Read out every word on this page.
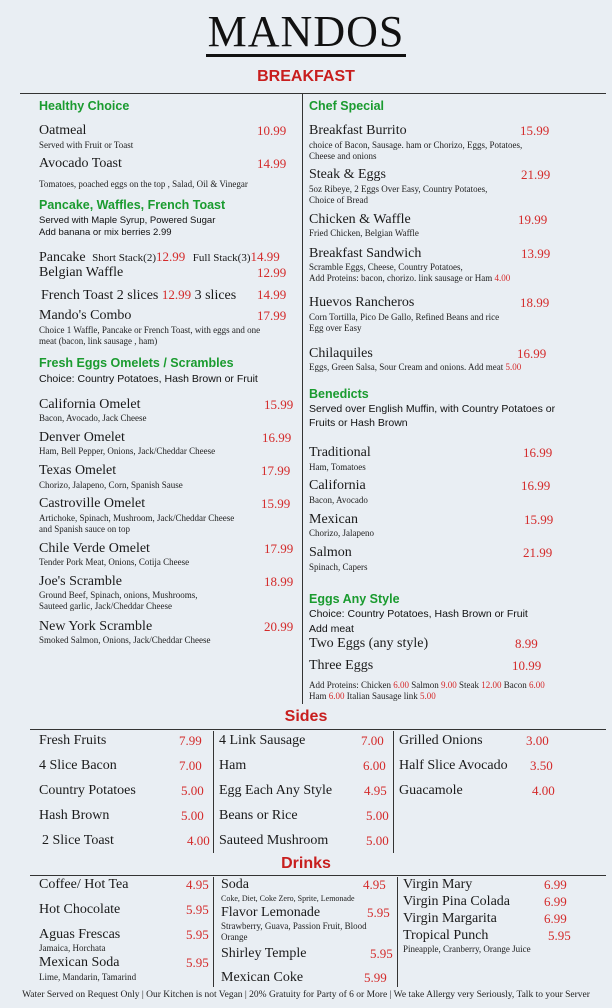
MANDOS
BREAKFAST
Healthy Choice
Oatmeal	10.99
Served with Fruit or Toast
Avocado Toast	14.99
Tomatoes, poached eggs on the top , Salad, Oil & Vinegar
Pancake, Waffles, French Toast
Served with Maple Syrup, Powered Sugar
Add banana or mix berries 2.99
Pancake Short Stack(2)12.99 Full Stack(3)14.99
Belgian Waffle	12.99
French Toast 2 slices 12.99 3 slices 14.99
Mando's Combo	17.99
Choice 1 Waffle, Pancake or French Toast, with eggs and one
meat (bacon, link sausage , ham)
Fresh Eggs Omelets / Scrambles
Choice: Country Potatoes, Hash Brown or Fruit
California Omelet	15.99
Bacon, Avocado, Jack Cheese
Denver Omelet	16.99
Ham, Bell Pepper, Onions, Jack/Cheddar Cheese
Texas Omelet	17.99
Chorizo, Jalapeno, Corn, Spanish Sause
Castroville Omelet	15.99
Artichoke, Spinach, Mushroom, Jack/Cheddar Cheese
and Spanish sauce on top
Chile Verde Omelet	17.99
Tender Pork Meat, Onions, Cotija Cheese
Joe's Scramble	18.99
Ground Beef, Spinach, onions, Mushrooms,
Sauteed garlic, Jack/Cheddar Cheese
New York Scramble	20.99
Smoked Salmon, Onions, Jack/Cheddar Cheese
Chef Special
Breakfast Burrito	15.99
choice of Bacon, Sausage. ham or Chorizo, Eggs, Potatoes,
Cheese and onions
Steak & Eggs	21.99
5oz Ribeye, 2 Eggs Over Easy, Country Potatoes,
Choice of Bread
Chicken & Waffle	19.99
Fried Chicken, Belgian Waffle
Breakfast Sandwich	13.99
Scramble Eggs, Cheese, Country Potatoes,
Add Proteins: bacon, chorizo. link sausage or Ham 4.00
Huevos Rancheros	18.99
Corn Tortilla, Pico De Gallo, Refined Beans and rice
Egg over Easy
Chilaquiles	16.99
Eggs, Green Salsa, Sour Cream and onions. Add meat 5.00
Benedicts
Served over English Muffin, with Country Potatoes or
Fruits or Hash Brown
Traditional	16.99
Ham, Tomatoes
California	16.99
Bacon, Avocado
Mexican	15.99
Chorizo, Jalapeno
Salmon	21.99
Spinach, Capers
Eggs Any Style
Choice: Country Potatoes, Hash Brown or Fruit
Add meat
Two Eggs (any style)	8.99
Three Eggs	10.99
Add Proteins: Chicken 6.00 Salmon 9.00 Steak 12.00 Bacon 6.00
Ham 6.00 Italian Sausage link 5.00
Sides
Fresh Fruits	7.99
4 Slice Bacon	7.00
Country Potatoes	5.00
Hash Brown	5.00
2 Slice Toast	4.00
4 Link Sausage	7.00
Ham	6.00
Egg Each Any Style 4.95
Beans or Rice	5.00
Sauteed Mushroom	5.00
Grilled Onions	3.00
Half Slice Avocado 3.50
Guacamole	4.00
Drinks
Coffee/ Hot Tea	4.95
Hot Chocolate	5.95
Aguas Frescas	5.95
Jamaica, Horchata
Mexican Soda	5.95
Lime, Mandarin, Tamarind
Soda	4.95
Coke, Diet, Coke Zero, Sprite, Lemonade
Flavor Lemonade	5.95
Strawberry, Guava, Passion Fruit, Blood
Orange
Shirley Temple	5.95
Mexican Coke	5.99
Virgin Mary	6.99
Virgin Pina Colada	6.99
Virgin Margarita	6.99
Tropical Punch	5.95
Pineapple, Cranberry, Orange Juice
Water Served on Request Only | Our Kitchen is not Vegan | 20% Gratuity for Party of 6 or More | We take Allergy very Seriously, Talk to your Server
